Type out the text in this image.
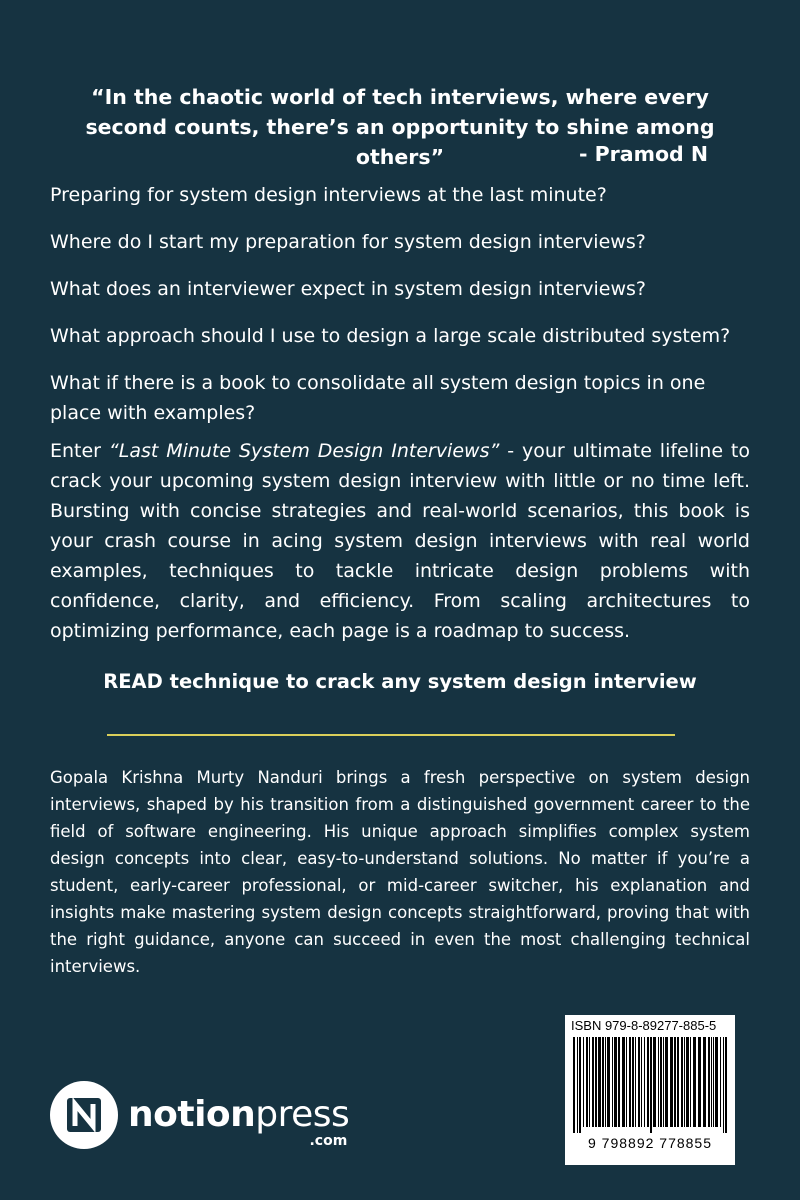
“In the chaotic world of tech interviews, where every second counts, there’s an opportunity to shine among others”	- Pramod N

Preparing for system design interviews at the last minute?

Where do I start my preparation for system design interviews?

What does an interviewer expect in system design interviews?

What approach should I use to design a large scale distributed system?

What if there is a book to consolidate all system design topics in one place with examples?

Enter “Last Minute System Design Interviews” - your ultimate lifeline to crack your upcoming system design interview with little or no time left. Bursting with concise strategies and real-world scenarios, this book is your crash course in acing system design interviews with real world examples, techniques to tackle intricate design problems with confidence, clarity, and efficiency. From scaling architectures to optimizing performance, each page is a roadmap to success.
READ technique to crack any system design interview
Gopala Krishna Murty Nanduri brings a fresh perspective on system design interviews, shaped by his transition from a distinguished government career to the field of software engineering. His unique approach simplifies complex system design concepts into clear, easy-to-understand solutions. No matter if you’re a student, early-career professional, or mid-career switcher, his explanation and insights make mastering system design concepts straightforward, proving that with the right guidance, anyone can succeed in even the most challenging technical interviews.
ISBN 979-8-89277-885-5
9 798892 778855
notionpress
.com
